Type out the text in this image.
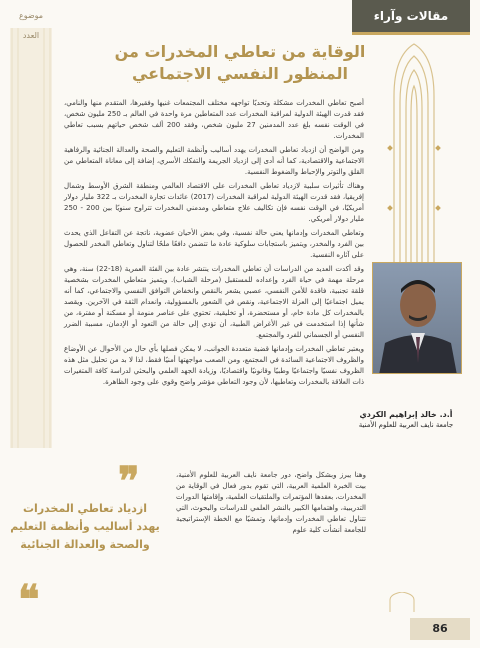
موضوع العدد
مقالات وآراء
الوقاية من تعاطي المخدرات من
المنظور النفسي الاجتماعي

أصبح تعاطي المخدرات مشكلة وتحديًا تواجهه مختلف المجتمعات غنيها وفقيرها، المتقدم منها والنامي، فقد قدرت الهيئة الدولية لمراقبة المخدرات عدد المتعاطين مرة واحدة في العالم بـ 250 مليون شخص، في الوقت نفسه بلغ عدد المدمنين 27 مليون شخص، وفقد 200 ألف شخص حياتهم بسبب تعاطي المخدرات.

ومن الواضح أن ازدياد تعاطي المخدرات يهدد أساليب وأنظمة التعليم والصحة والعدالة الجنائية والرفاهية الاجتماعية والاقتصادية، كما أنه أدى إلى ازدياد الجريمة والتفكك الأسري، إضافة إلى معاناة المتعاطي من القلق والتوتر والإحباط والضغوط النفسية.

وهناك تأثيرات سلبية لازدياد تعاطي المخدرات على الاقتصاد العالمي ومنطقة الشرق الأوسط وشمال إفريقيا، فقد قدرت الهيئة الدولية لمراقبة المخدرات (2017) عائدات تجارة المخدرات بـ 322 مليار دولار أمريكيًا، في الوقت نفسه فإن تكاليف علاج متعاطي ومدمني المخدرات تتراوح سنويًا بين 200 - 250 مليار دولار أمريكي.

وتعاطي المخدرات وإدمانها يعني حالة نفسية، وفي بعض الأحيان عضوية، ناتجة عن التفاعل الذي يحدث بين الفرد والمخدر، ويتميز باستجابات سلوكية عادة ما تتضمن دافعًا ملحًا لتناول وتعاطي المخدر للحصول على آثاره النفسية.

وقد أكدت العديد من الدراسات أن تعاطي المخدرات ينتشر عادة بين الفئة العمرية (18-22) سنة، وهي مرحلة مهمة في حياة الفرد وإعداده للمستقبل (مرحلة الشباب). ويتميز متعاطي المخدرات بشخصية قلقة تجنبية، فاقدة للأمن النفسي، عصبي يشعر بالنقص وانخفاض التوافق النفسي والاجتماعي، كما أنه يميل اجتماعيًا إلى العزلة الاجتماعية، ونقص في الشعور بالمسؤولية، وانعدام الثقة في الآخرين. ويقصد بالمخدرات كل مادة خام، أو مستحضرة، أو تخليقية، تحتوي على عناصر منومة أو مسكنة أو مفترة، من شأنها إذا استخدمت في غير الأغراض الطبية، أن تؤدي إلى حالة من التعود أو الإدمان، مسببة الضرر النفسي أو الجسماني للفرد والمجتمع.

ويعتبر تعاطي المخدرات وإدمانها قضية متعددة الجوانب، لا يمكن فصلها بأي حال من الأحوال عن الأوضاع والظروف الاجتماعية السائدة في المجتمع، ومن الصعب مواجهتها أمنيًا فقط، لذا لا بد من تحليل مثل هذه الظروف نفسيًا واجتماعيًا وطبيًا وقانونيًا واقتصاديًا، وزيادة الجهد العلمي والبحثي لدراسة كافة المتغيرات ذات العلاقة بالمخدرات وتعاطيها، لأن وجود التعاطي مؤشر واضح وقوي على وجود الظاهرة.

أ.د. خالد إبراهيم الكردي
جامعة نايف العربية للعلوم الأمنية
❞
ازدياد تعاطي المخدرات يهدد أساليب وأنظمة التعليم والصحة والعدالة الجنائية
❝
وهنا يبرز وبشكل واضح، دور جامعة نايف العربية للعلوم الأمنية، بيت الخبرة العلمية العربية، التي تقوم بدور فعال في الوقاية من المخدرات، بعقدها المؤتمرات والملتقيات العلمية، وإقامتها الدورات التدريبية، واهتمامها الكبير بالنشر العلمي للدراسات والبحوث، التي تتناول تعاطي المخدرات وإدمانها، وتمشيًا مع الخطة الإستراتيجية للجامعة أنشأت كلية علوم
86
